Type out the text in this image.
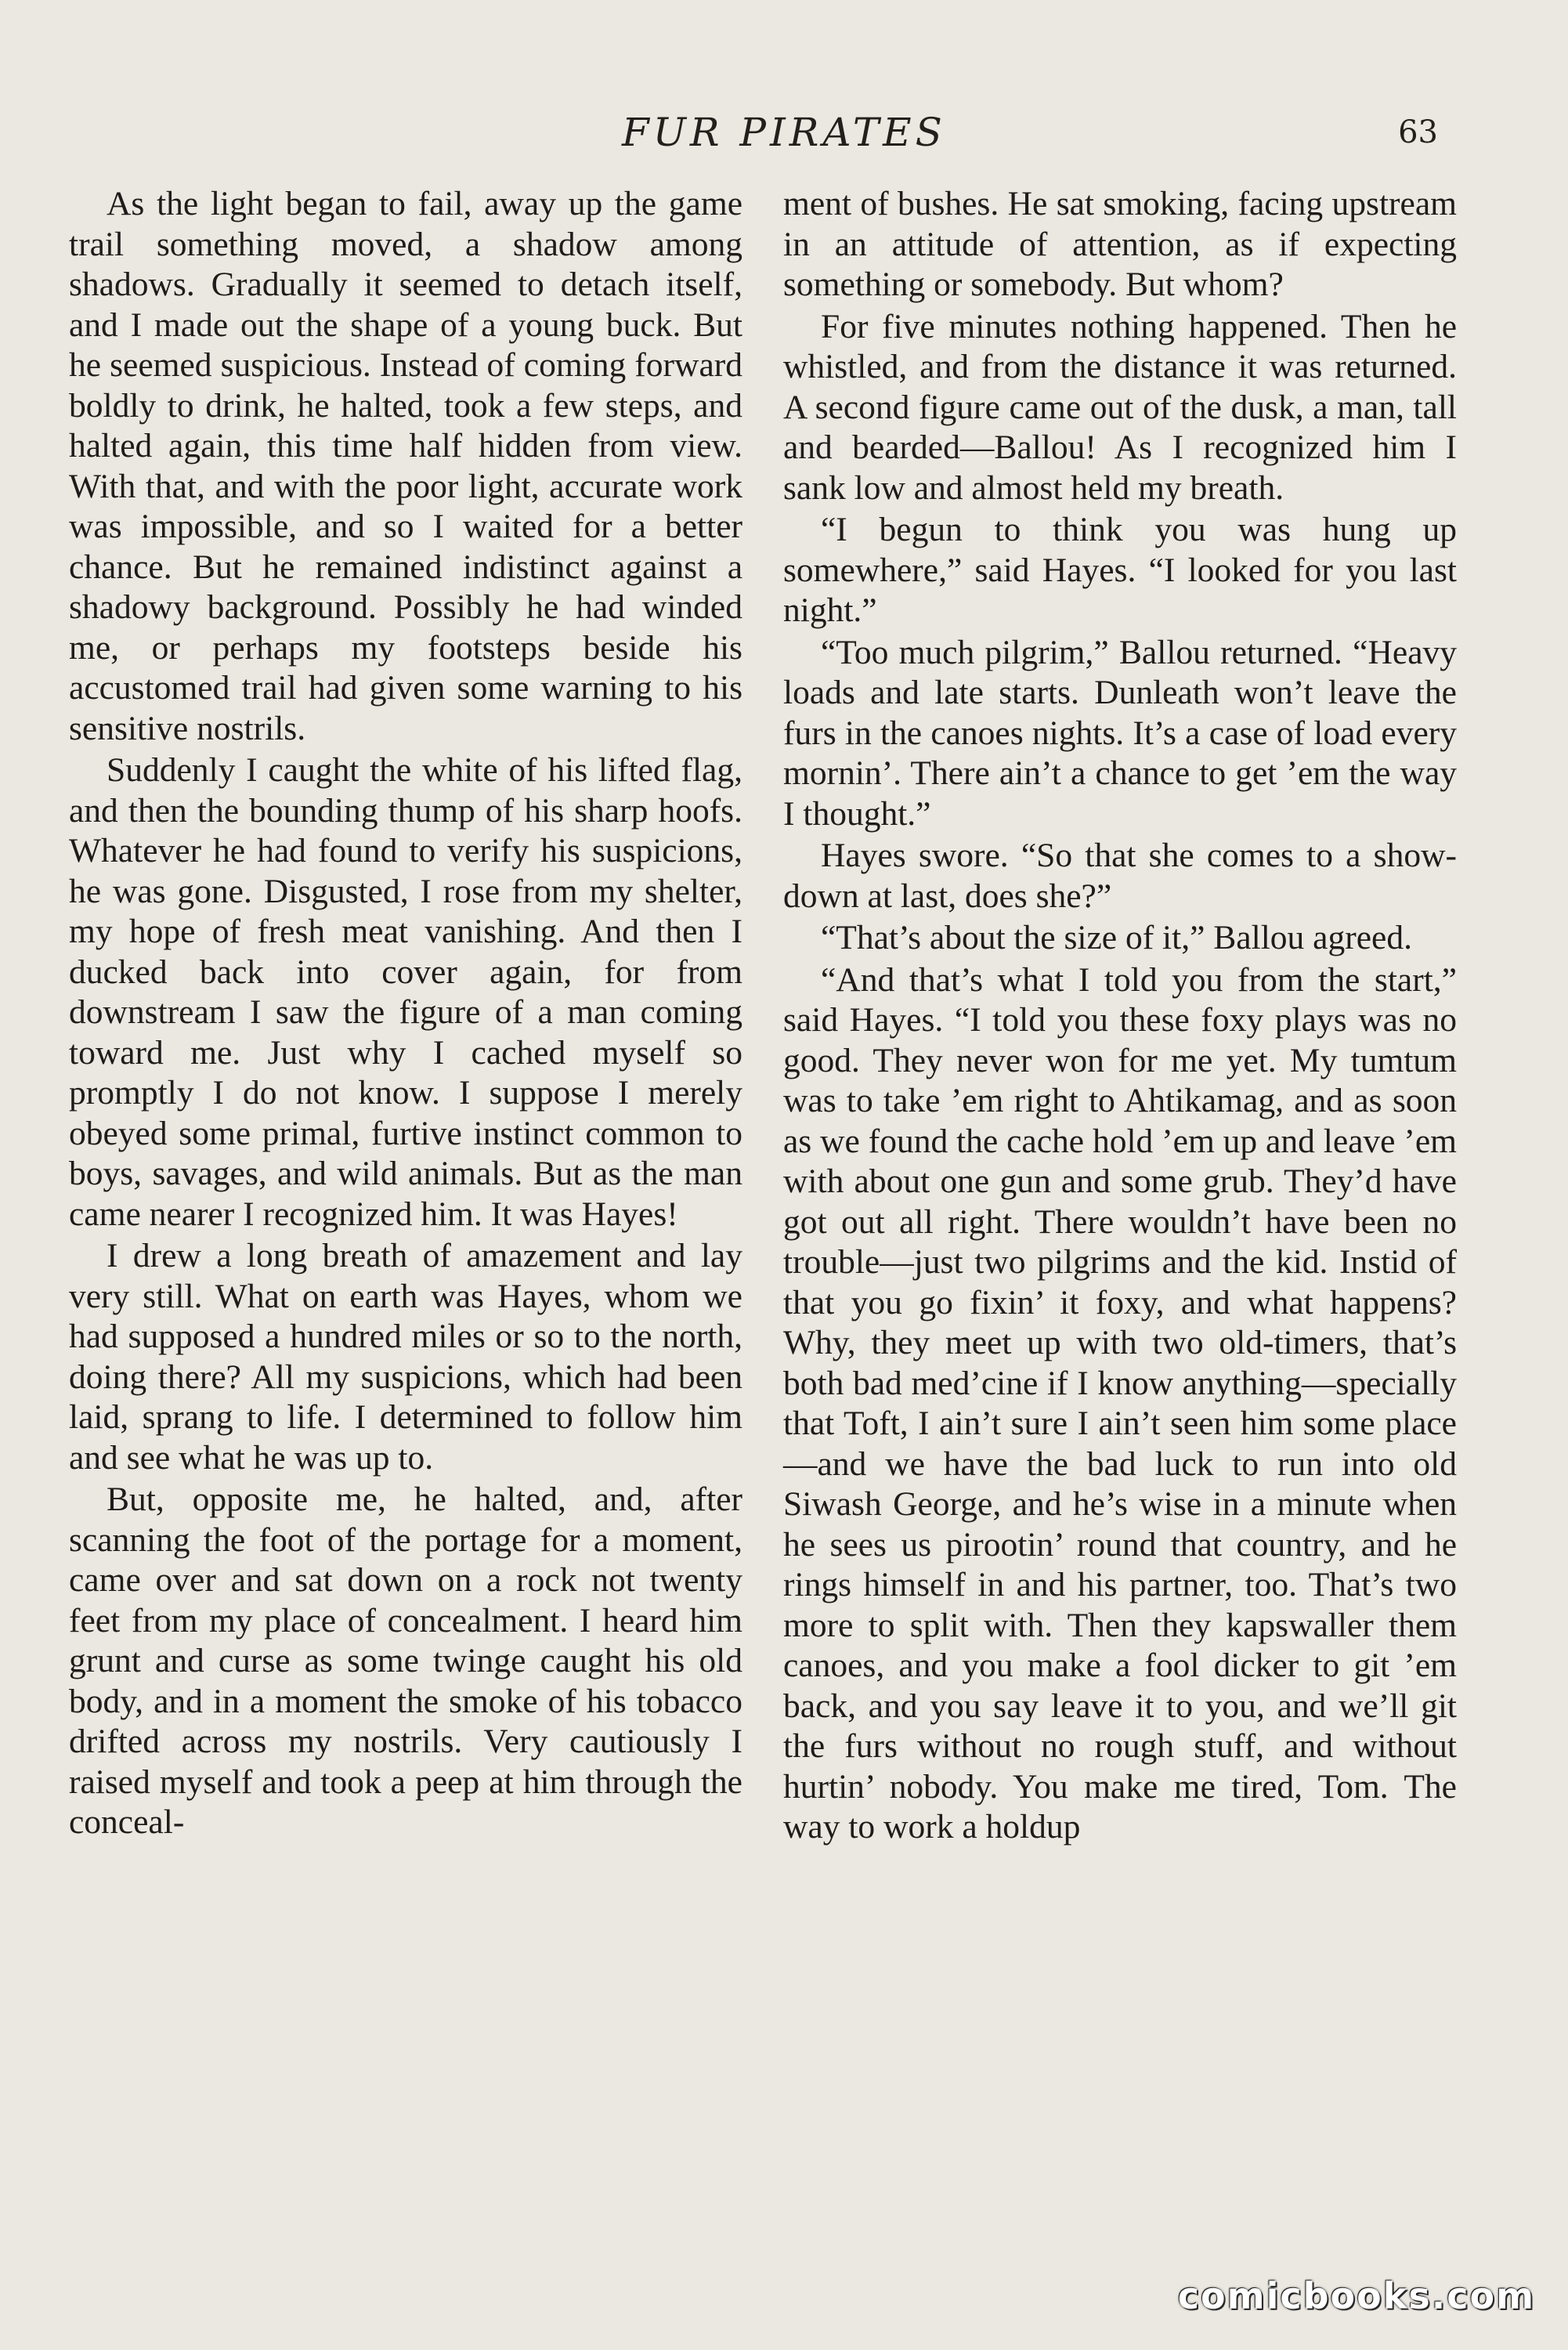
FUR PIRATES	63

As the light began to fail, away up the game trail something moved, a shadow among shadows. Gradually it seemed to detach itself, and I made out the shape of a young buck. But he seemed suspicious. Instead of coming forward boldly to drink, he halted, took a few steps, and halted again, this time half hidden from view. With that, and with the poor light, accurate work was impossible, and so I waited for a better chance. But he remained indistinct against a shadowy background. Possibly he had winded me, or perhaps my footsteps beside his accustomed trail had given some warning to his sensitive nostrils.

Suddenly I caught the white of his lifted flag, and then the bounding thump of his sharp hoofs. Whatever he had found to verify his suspicions, he was gone. Disgusted, I rose from my shelter, my hope of fresh meat vanishing. And then I ducked back into cover again, for from downstream I saw the figure of a man coming toward me. Just why I cached myself so promptly I do not know. I suppose I merely obeyed some primal, furtive instinct common to boys, savages, and wild animals. But as the man came nearer I recognized him. It was Hayes!

I drew a long breath of amazement and lay very still. What on earth was Hayes, whom we had supposed a hundred miles or so to the north, doing there? All my suspicions, which had been laid, sprang to life. I determined to follow him and see what he was up to.

But, opposite me, he halted, and, after scanning the foot of the portage for a moment, came over and sat down on a rock not twenty feet from my place of concealment. I heard him grunt and curse as some twinge caught his old body, and in a moment the smoke of his tobacco drifted across my nostrils. Very cautiously I raised myself and took a peep at him through the conceal-

ment of bushes. He sat smoking, facing upstream in an attitude of attention, as if expecting something or somebody. But whom?

For five minutes nothing happened. Then he whistled, and from the distance it was returned. A second figure came out of the dusk, a man, tall and bearded—Ballou! As I recognized him I sank low and almost held my breath.

“I begun to think you was hung up somewhere,” said Hayes. “I looked for you last night.”

“Too much pilgrim,” Ballou returned. “Heavy loads and late starts. Dunleath won’t leave the furs in the canoes nights. It’s a case of load every mornin’. There ain’t a chance to get ’em the way I thought.”

Hayes swore. “So that she comes to a show-down at last, does she?”

“That’s about the size of it,” Ballou agreed.

“And that’s what I told you from the start,” said Hayes. “I told you these foxy plays was no good. They never won for me yet. My tumtum was to take ’em right to Ahtikamag, and as soon as we found the cache hold ’em up and leave ’em with about one gun and some grub. They’d have got out all right. There wouldn’t have been no trouble—just two pilgrims and the kid. Instid of that you go fixin’ it foxy, and what happens? Why, they meet up with two old-timers, that’s both bad med’cine if I know anything—specially that Toft, I ain’t sure I ain’t seen him some place—and we have the bad luck to run into old Siwash George, and he’s wise in a minute when he sees us pirootin’ round that country, and he rings himself in and his partner, too. That’s two more to split with. Then they kapswaller them canoes, and you make a fool dicker to git ’em back, and you say leave it to you, and we’ll git the furs without no rough stuff, and without hurtin’ nobody. You make me tired, Tom. The way to work a holdup

comicbooks.com
